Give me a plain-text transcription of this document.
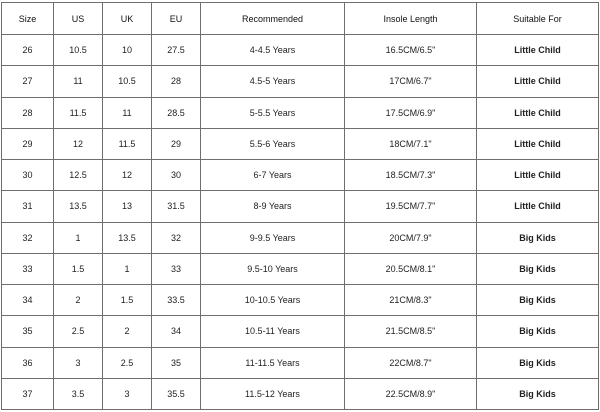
Size	US	UK	EU	Recommended	Insole Length	Suitable For
26	10.5	10	27.5	4-4.5 Years	16.5CM/6.5"	Little Child
27	11	10.5	28	4.5-5 Years	17CM/6.7"	Little Child
28	11.5	11	28.5	5-5.5 Years	17.5CM/6.9"	Little Child
29	12	11.5	29	5.5-6 Years	18CM/7.1"	Little Child
30	12.5	12	30	6-7 Years	18.5CM/7.3"	Little Child
31	13.5	13	31.5	8-9 Years	19.5CM/7.7"	Little Child
32	1	13.5	32	9-9.5 Years	20CM/7.9"	Big Kids
33	1.5	1	33	9.5-10 Years	20.5CM/8.1"	Big Kids
34	2	1.5	33.5	10-10.5 Years	21CM/8.3"	Big Kids
35	2.5	2	34	10.5-11 Years	21.5CM/8.5"	Big Kids
36	3	2.5	35	11-11.5 Years	22CM/8.7"	Big Kids
37	3.5	3	35.5	11.5-12 Years	22.5CM/8.9"	Big Kids
